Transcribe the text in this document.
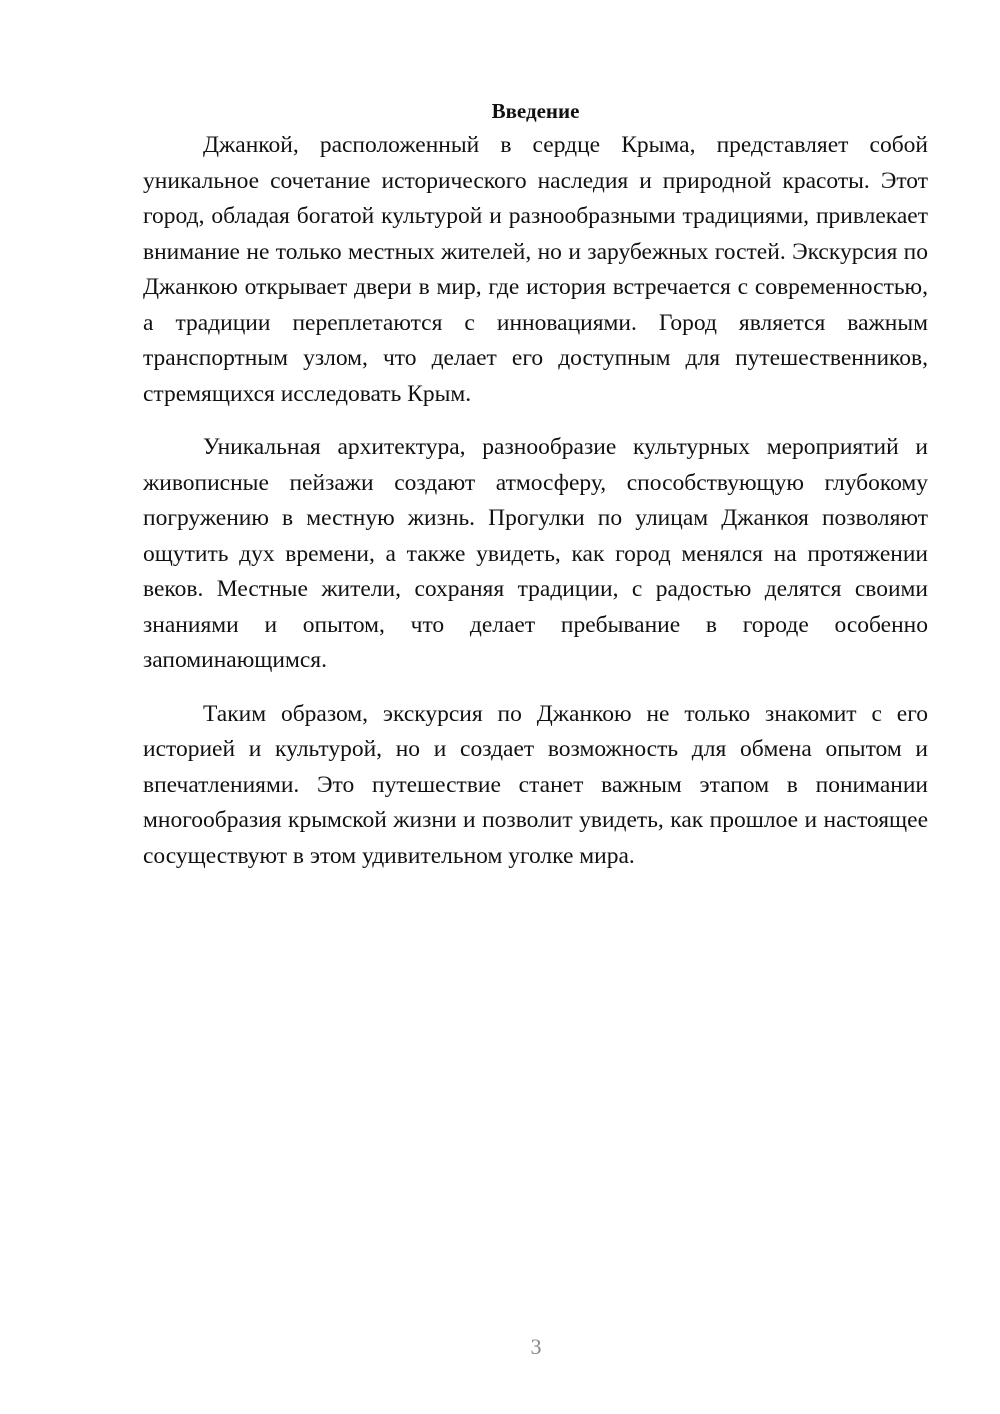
Введение

Джанкой, расположенный в сердце Крыма, представляет собой уникальное сочетание исторического наследия и природной красоты. Этот город, обладая богатой культурой и разнообразными традициями, привлекает внимание не только местных жителей, но и зарубежных гостей. Экскурсия по Джанкою открывает двери в мир, где история встречается с современностью, а традиции переплетаются с инновациями. Город является важным транспортным узлом, что делает его доступным для путешественников, стремящихся исследовать Крым.

Уникальная архитектура, разнообразие культурных мероприятий и живописные пейзажи создают атмосферу, способствующую глубокому погружению в местную жизнь. Прогулки по улицам Джанкоя позволяют ощутить дух времени, а также увидеть, как город менялся на протяжении веков. Местные жители, сохраняя традиции, с радостью делятся своими знаниями и опытом, что делает пребывание в городе особенно запоминающимся.

Таким образом, экскурсия по Джанкою не только знакомит с его историей и культурой, но и создает возможность для обмена опытом и впечатлениями. Это путешествие станет важным этапом в понимании многообразия крымской жизни и позволит увидеть, как прошлое и настоящее сосуществуют в этом удивительном уголке мира.

3
